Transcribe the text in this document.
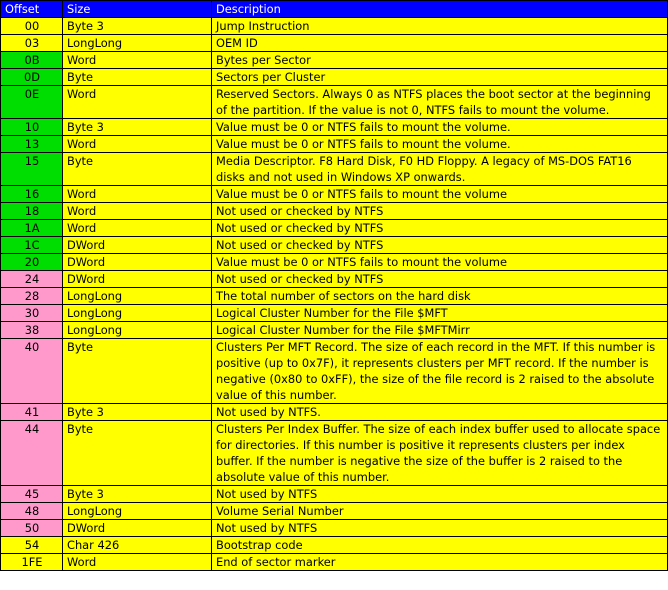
Offset	Size	Description
00	Byte 3	Jump Instruction
03	LongLong	OEM ID
0B	Word	Bytes per Sector
0D	Byte	Sectors per Cluster
0E	Word	Reserved Sectors. Always 0 as NTFS places the boot sector at the beginning of the partition. If the value is not 0, NTFS fails to mount the volume.
10	Byte 3	Value must be 0 or NTFS fails to mount the volume.
13	Word	Value must be 0 or NTFS fails to mount the volume.
15	Byte	Media Descriptor. F8 Hard Disk, F0 HD Floppy. A legacy of MS-DOS FAT16 disks and not used in Windows XP onwards.
16	Word	Value must be 0 or NTFS fails to mount the volume
18	Word	Not used or checked by NTFS
1A	Word	Not used or checked by NTFS
1C	DWord	Not used or checked by NTFS
20	DWord	Value must be 0 or NTFS fails to mount the volume
24	DWord	Not used or checked by NTFS
28	LongLong	The total number of sectors on the hard disk
30	LongLong	Logical Cluster Number for the File $MFT
38	LongLong	Logical Cluster Number for the File $MFTMirr
40	Byte	Clusters Per MFT Record. The size of each record in the MFT. If this number is positive (up to 0x7F), it represents clusters per MFT record. If the number is negative (0x80 to 0xFF), the size of the file record is 2 raised to the absolute value of this number.
41	Byte 3	Not used by NTFS.
44	Byte	Clusters Per Index Buffer. The size of each index buffer used to allocate space for directories. If this number is positive it represents clusters per index buffer. If the number is negative the size of the buffer is 2 raised to the absolute value of this number.
45	Byte 3	Not used by NTFS
48	LongLong	Volume Serial Number
50	DWord	Not used by NTFS
54	Char 426	Bootstrap code
1FE	Word	End of sector marker
